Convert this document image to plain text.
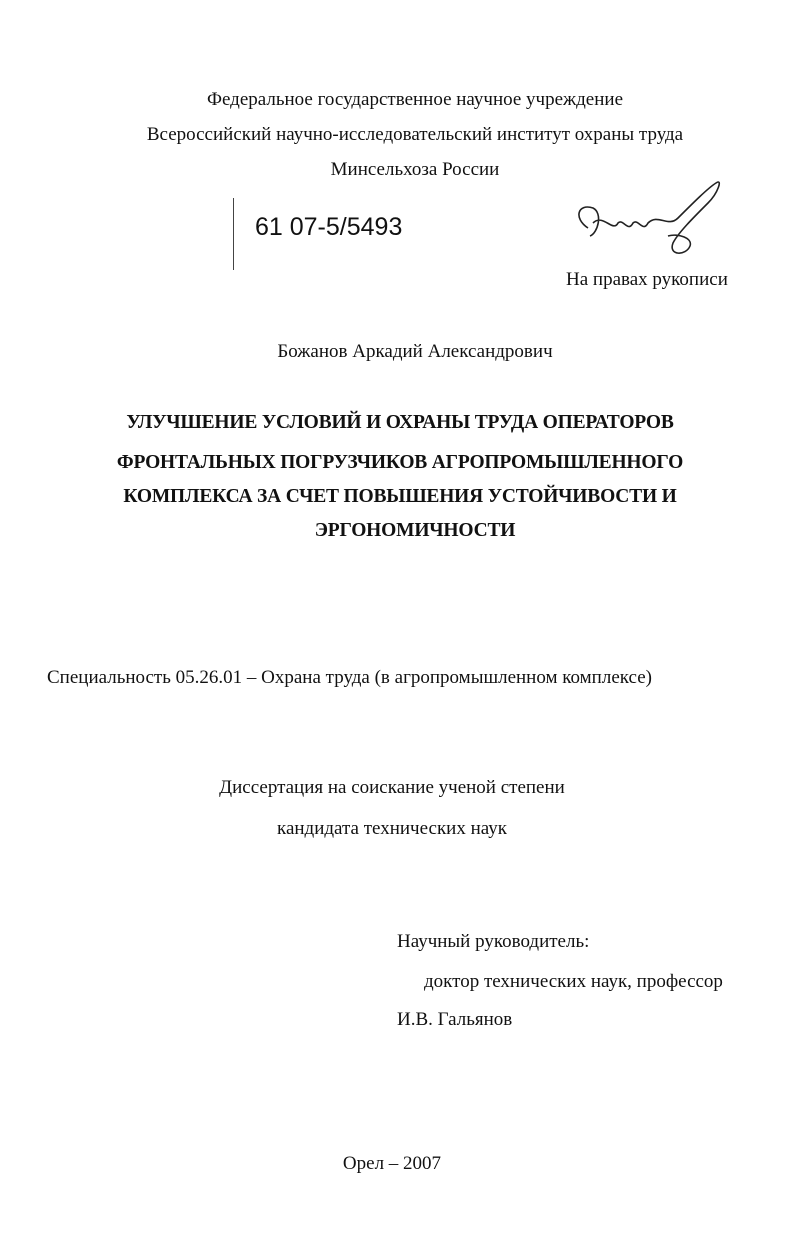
Федеральное государственное научное учреждение
Всероссийский научно-исследовательский институт охраны труда
Минсельхоза России
61 07-5/5493
На правах рукописи
Божанов Аркадий Александрович
УЛУЧШЕНИЕ УСЛОВИЙ И ОХРАНЫ ТРУДА ОПЕРАТОРОВ
ФРОНТАЛЬНЫХ ПОГРУЗЧИКОВ АГРОПРОМЫШЛЕННОГО
КОМПЛЕКСА ЗА СЧЕТ ПОВЫШЕНИЯ УСТОЙЧИВОСТИ И
ЭРГОНОМИЧНОСТИ
Специальность 05.26.01 – Охрана труда (в агропромышленном комплексе)
Диссертация на соискание ученой степени
кандидата технических наук
Научный руководитель:
доктор технических наук, профессор
И.В. Гальянов
Орел – 2007
